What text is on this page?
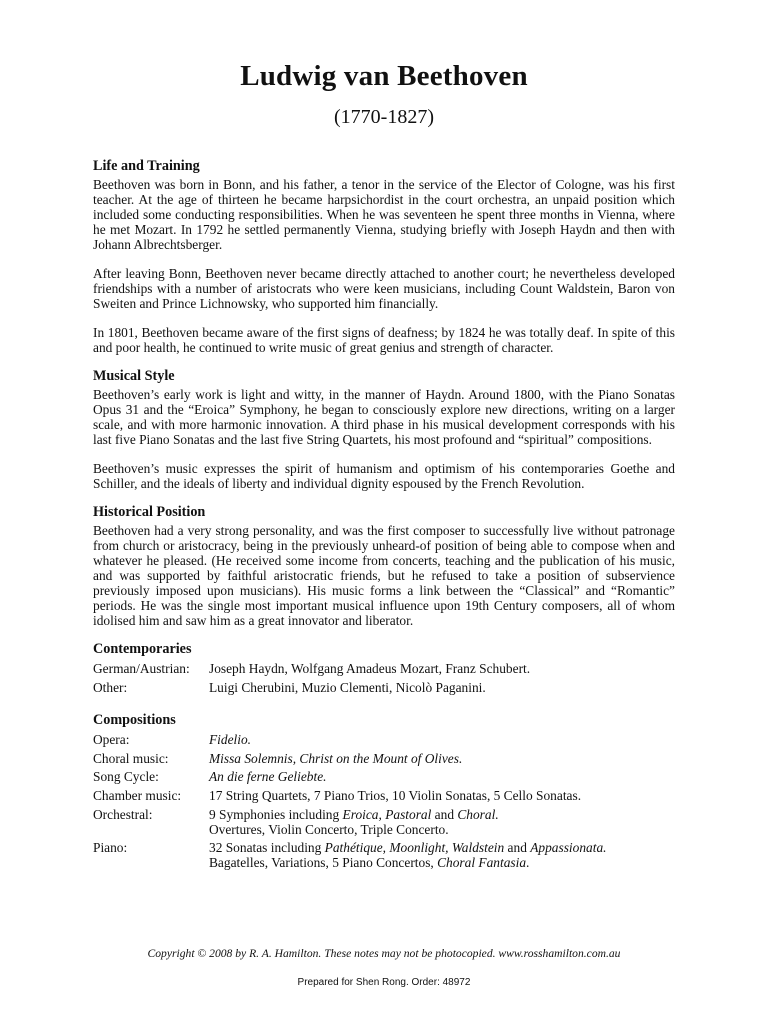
Ludwig van Beethoven
(1770-1827)
Life and Training

Beethoven was born in Bonn, and his father, a tenor in the service of the Elector of Cologne, was his first teacher. At the age of thirteen he became harpsichordist in the court orchestra, an unpaid position which included some conducting responsibilities. When he was seventeen he spent three months in Vienna, where he met Mozart. In 1792 he settled permanently Vienna, studying briefly with Joseph Haydn and then with Johann Albrechtsberger.

After leaving Bonn, Beethoven never became directly attached to another court; he nevertheless developed friendships with a number of aristocrats who were keen musicians, including Count Waldstein, Baron von Sweiten and Prince Lichnowsky, who supported him financially.

In 1801, Beethoven became aware of the first signs of deafness; by 1824 he was totally deaf. In spite of this and poor health, he continued to write music of great genius and strength of character.

Musical Style

Beethoven’s early work is light and witty, in the manner of Haydn. Around 1800, with the Piano Sonatas Opus 31 and the “Eroica” Symphony, he began to consciously explore new directions, writing on a larger scale, and with more harmonic innovation. A third phase in his musical development corresponds with his last five Piano Sonatas and the last five String Quartets, his most profound and “spiritual” compositions.

Beethoven’s music expresses the spirit of humanism and optimism of his contemporaries Goethe and Schiller, and the ideals of liberty and individual dignity espoused by the French Revolution.

Historical Position

Beethoven had a very strong personality, and was the first composer to successfully live without patronage from church or aristocracy, being in the previously unheard-of position of being able to compose when and whatever he pleased. (He received some income from concerts, teaching and the publication of his music, and was supported by faithful aristocratic friends, but he refused to take a position of subservience previously imposed upon musicians). His music forms a link between the “Classical” and “Romantic” periods. He was the single most important musical influence upon 19th Century composers, all of whom idolised him and saw him as a great innovator and liberator.

Contemporaries
German/Austrian:	Joseph Haydn, Wolfgang Amadeus Mozart, Franz Schubert.
Other:	Luigi Cherubini, Muzio Clementi, Nicolò Paganini.
Compositions
Opera:	Fidelio.
Choral music:	Missa Solemnis, Christ on the Mount of Olives.
Song Cycle:	An die ferne Geliebte.
Chamber music:	17 String Quartets, 7 Piano Trios, 10 Violin Sonatas, 5 Cello Sonatas.
Orchestral:	9 Symphonies including Eroica, Pastoral and Choral.
Overtures, Violin Concerto, Triple Concerto.
Piano:	32 Sonatas including Pathétique, Moonlight, Waldstein and Appassionata.
Bagatelles, Variations, 5 Piano Concertos, Choral Fantasia.
Copyright © 2008 by R. A. Hamilton. These notes may not be photocopied. www.rosshamilton.com.au
Prepared for Shen Rong. Order: 48972
